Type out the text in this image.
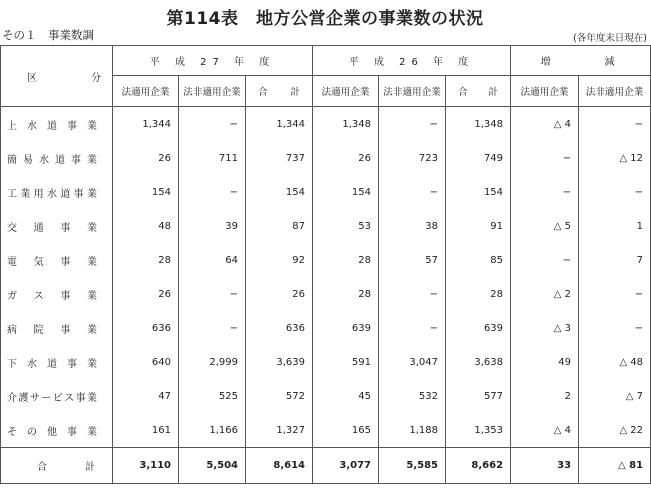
第114表　地方公営企業の事業数の状況
その１　事業数調	(各年度末日現在)
区　分	平 成 27 年 度			平 成 26 年 度			増　　　減	
	法適用企業	法非適用企業	合　　計	法適用企業	法非適用企業	合　　計	法適用企業	法非適用企業
上水道事業	1,344	−	1,344	1,348	−	1,348	△ 4	−
簡易水道事業	26	711	737	26	723	749	−	△ 12
工業用水道事業	154	−	154	154	−	154	−	−
交通事業	48	39	87	53	38	91	△ 5	1
電気事業	28	64	92	28	57	85	−	7
ガス事業	26	−	26	28	−	28	△ 2	−
病院事業	636	−	636	639	−	639	△ 3	−
下水道事業	640	2,999	3,639	591	3,047	3,638	49	△ 48
介護サービス事業	47	525	572	45	532	577	2	△ 7
その他事業	161	1,166	1,327	165	1,188	1,353	△ 4	△ 22
合計	3,110	5,504	8,614	3,077	5,585	8,662	33	△ 81
